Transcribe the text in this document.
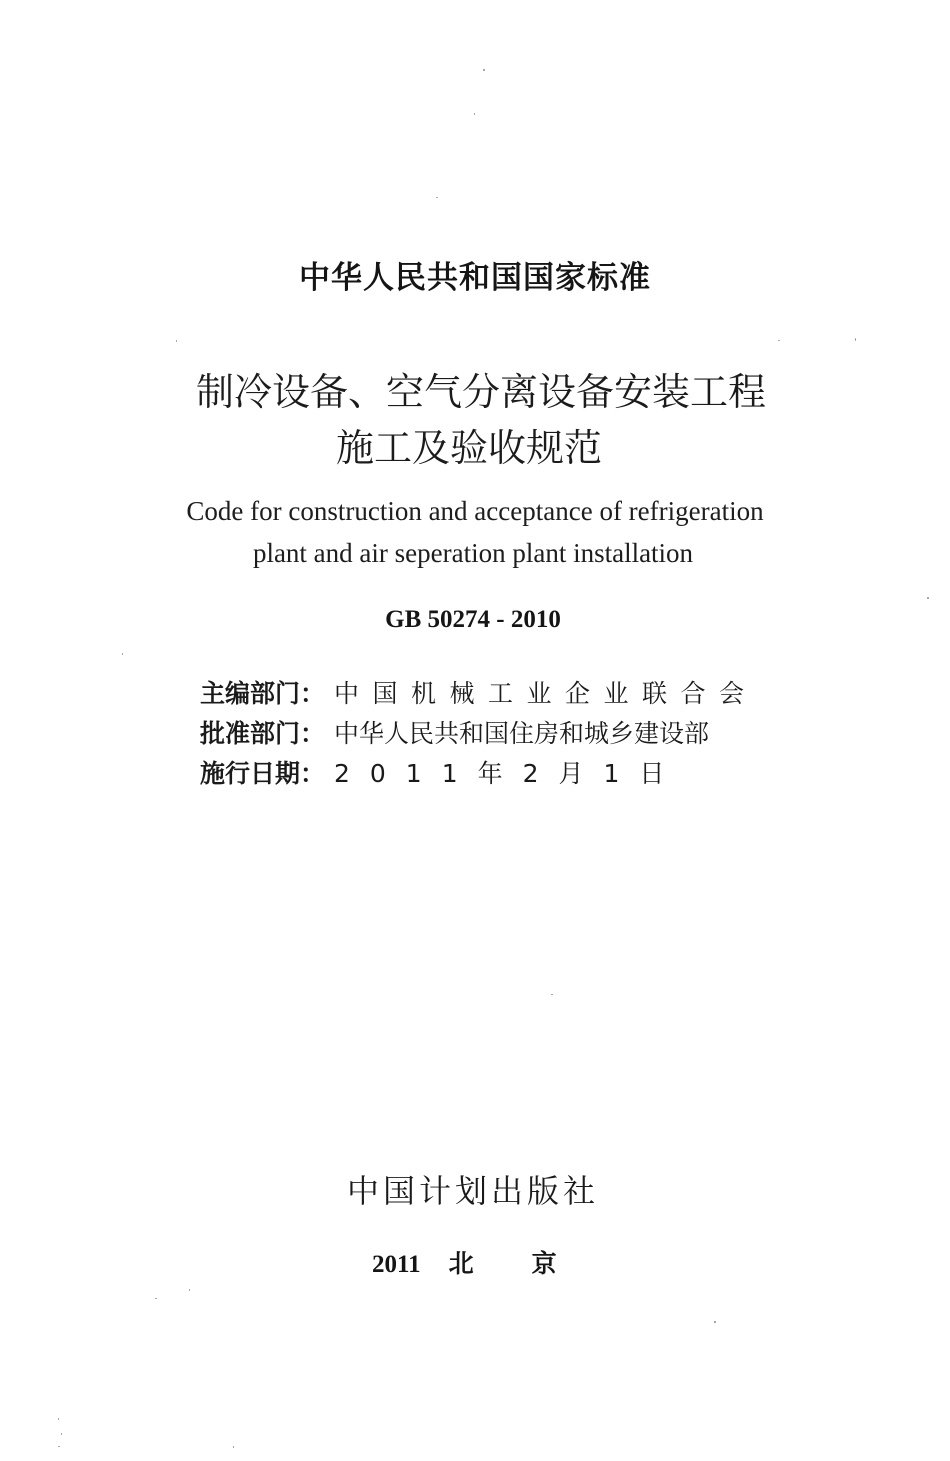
中华人民共和国国家标准
制冷设备、空气分离设备安装工程
施工及验收规范
Code for construction and acceptance of refrigeration
plant and air seperation plant installation
GB 50274 - 2010
主编部门： 中国机械工业企业联合会
批准部门： 中华人民共和国住房和城乡建设部
施行日期： 2011年2月1日
中国计划出版社
2011 北京
